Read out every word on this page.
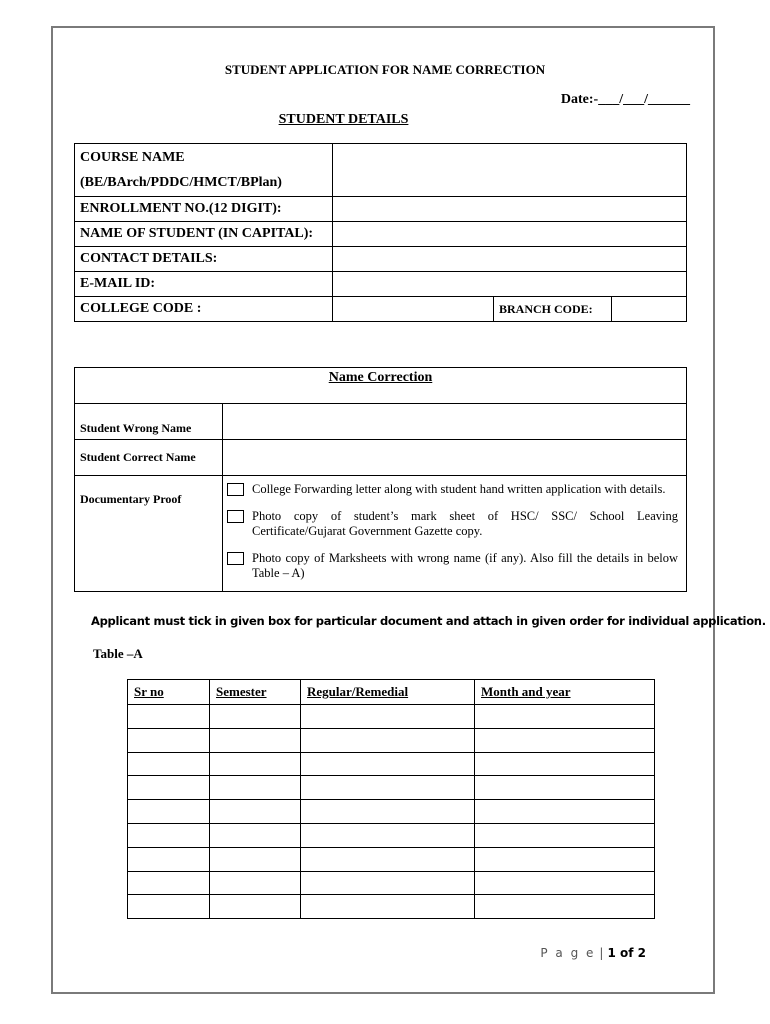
STUDENT APPLICATION FOR NAME CORRECTION
Date:-___/___/______
STUDENT DETAILS
COURSE NAME
(BE/BArch/PDDC/HMCT/BPlan)			

ENROLLMENT NO.(12 DIGIT):			
NAME OF STUDENT (IN CAPITAL):			
CONTACT DETAILS:			
E-MAIL ID:			
COLLEGE CODE :		BRANCH CODE:	
Name Correction	
Student Wrong Name	
Student Correct Name	
Documentary Proof	College Forwarding letter along with student hand written application with details.
Photo copy of student’s mark sheet of HSC/ SSC/ School Leaving Certificate/Gujarat Government Gazette copy.
Photo copy of Marksheets with wrong name (if any). Also fill the details in below Table – A)
Applicant must tick in given box for particular document and attach in given order for individual application.
Table –A
Sr no	Semester	Regular/Remedial	Month and year

P a g e | 1 of 2
